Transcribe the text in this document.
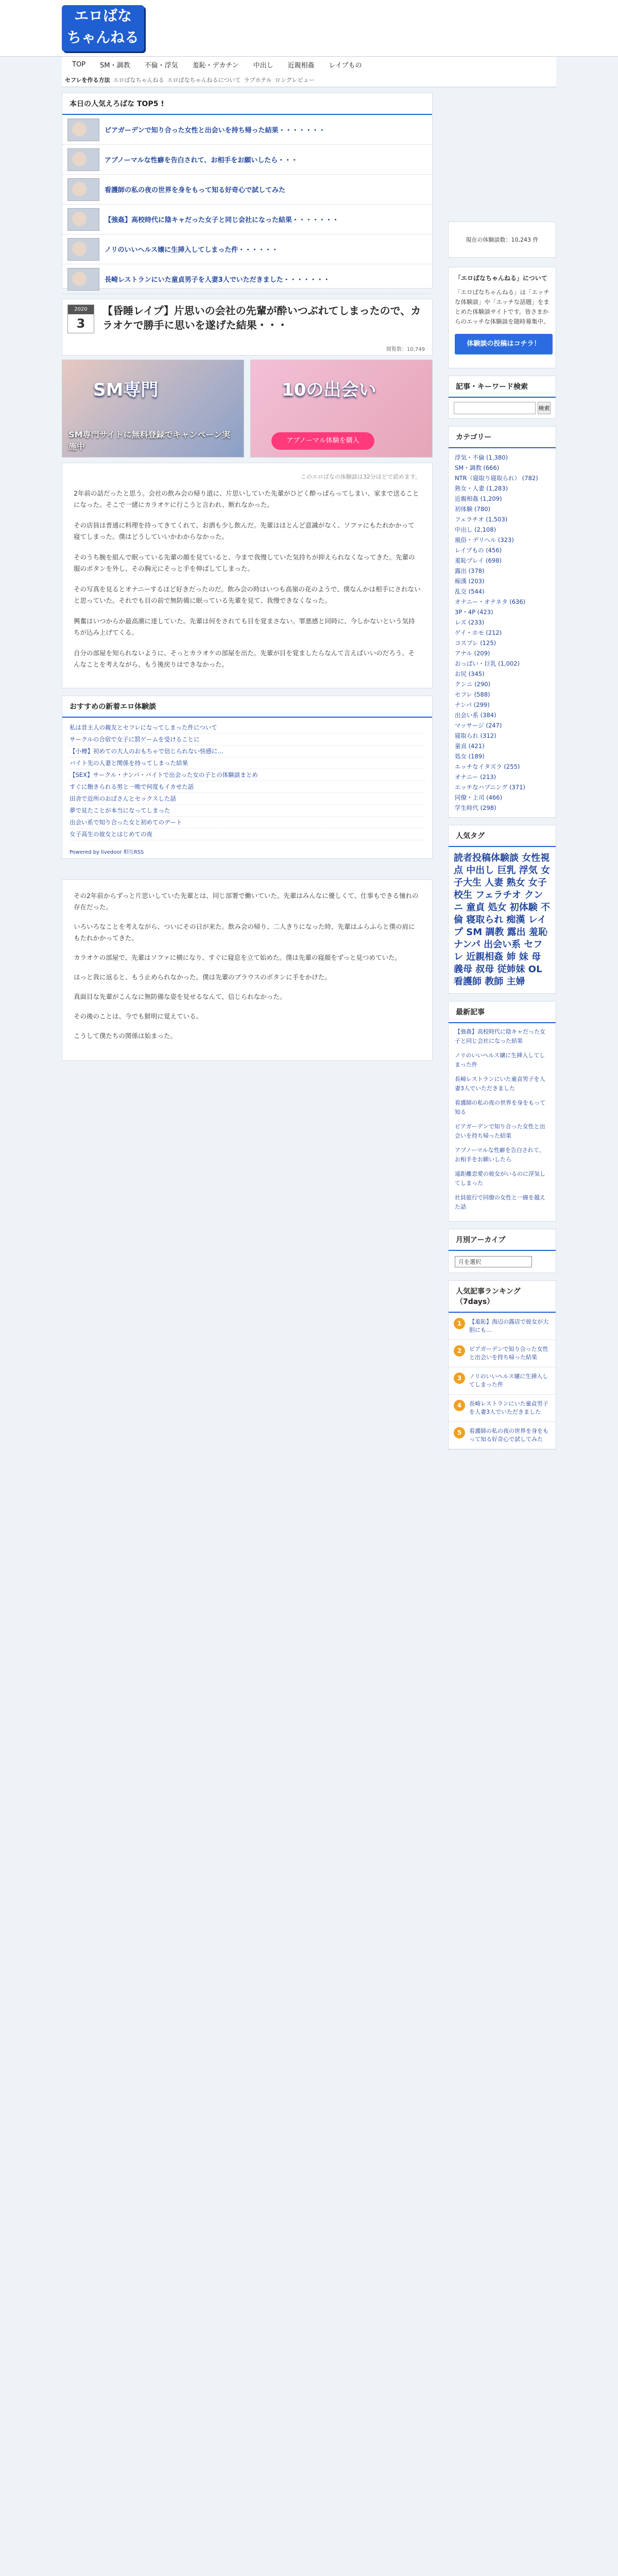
エロばな
ちゃんねる
TOP	SM・調教	不倫・浮気	羞恥・デカチン	中出し	近親相姦	レイプもの
セフレを作る方法 エロばなちゃんねる エロばなちゃんねるについて ラブホテル ロングレビュー
本日の人気えろばな TOP5 !
ピアガーデンで知り合った女性と出会いを持ち帰った結果・・・・・・・
アブノーマルな性癖を告白されて、お相手をお願いしたら・・・
看護師の私の夜の世界を身をもって知る好奇心で試してみた
【強姦】高校時代に陰キャだった女子と同じ会社になった結果・・・・・・・
ノリのいいヘルス嬢に生挿入してしまった件・・・・・・
長崎レストランにいた童貞男子を人妻3人でいただきました・・・・・・・
2020
3
【昏睡レイプ】片思いの会社の先輩が酔いつぶれてしまったので、カラオケで勝手に思いを遂げた結果・・・
閲覧数：10,749
SM専門
SM専門サイトに無料登録でキャンペーン実施中
10の出会い
アブノーマル体験を購入
このエロばなの体験談は32分ほどで読めます。

2年前の話だったと思う。会社の飲み会の帰り道に、片思いしていた先輩がひどく酔っぱらってしまい、家まで送ることになった。そこで一緒にカラオケに行こうと言われ、断れなかった。

その店員は普通に料理を持ってきてくれて、お酒も少し飲んだ。先輩はほとんど意識がなく、ソファにもたれかかって寝てしまった。僕はどうしていいかわからなかった。

そのうち腕を組んで眠っている先輩の顔を見ていると、今まで我慢していた気持ちが抑えられなくなってきた。先輩の服のボタンを外し、その胸元にそっと手を伸ばしてしまった。

その写真を見るとオナニーするほど好きだったのだ。飲み会の時はいつも高嶺の花のようで、僕なんかは相手にされないと思っていた。それでも目の前で無防備に眠っている先輩を見て、我慢できなくなった。

興奮はいつからか最高潮に達していた。先輩は何をされても目を覚まさない。罪悪感と同時に、今しかないという気持ちが込み上げてくる。

自分の部屋を知られないように、そっとカラオケの部屋を出た。先輩が目を覚ましたらなんて言えばいいのだろう。そんなことを考えながら、もう後戻りはできなかった。

おすすめの新着エロ体験談
私は昔主人の親友とセフレになってしまった件について
サークルの合宿で女子に罰ゲームを受けることに
【小樽】初めての大人のおもちゃで信じられない快感に...
バイト先の人妻と関係を持ってしまった結果
【SEX】サークル・ナンパ・バイトで出会った女の子との体験談まとめ
すぐに飽きられる男と一晩で何度もイカせた話
田舎で近所のおばさんとセックスした話
夢で見たことが本当になってしまった
出会い系で知り合った女と初めてのデート
女子高生の彼女とはじめての夜
Powered by livedoor 相互RSS

その2年前からずっと片思いしていた先輩とは、同じ部署で働いていた。先輩はみんなに優しくて、仕事もできる憧れの存在だった。

いろいろなことを考えながら、ついにその日が来た。飲み会の帰り、二人きりになった時、先輩はふらふらと僕の肩にもたれかかってきた。

カラオケの部屋で、先輩はソファに横になり、すぐに寝息を立て始めた。僕は先輩の寝顔をずっと見つめていた。

はっと我に返ると、もう止められなかった。僕は先輩のブラウスのボタンに手をかけた。

真面目な先輩がこんなに無防備な姿を見せるなんて、信じられなかった。

その後のことは、今でも鮮明に覚えている。

こうして僕たちの関係は始まった。

現在の体験談数：10,243 件
「エロばなちゃんねる」について
「エロばなちゃんねる」は「エッチな体験談」や「エッチな話題」をまとめた体験談サイトです。皆さまからのエッチな体験談を随時募集中。
体験談の投稿はコチラ！
記事・キーワード検索
検索
カテゴリー
浮気・不倫 (1,380)
SM・調教 (666)
NTR（寝取り寝取られ） (782)
熟女・人妻 (1,283)
近親相姦 (1,209)
初体験 (780)
フェラチオ (1,503)
中出し (2,108)
風俗・デリヘル (323)
レイプもの (456)
羞恥プレイ (698)
露出 (378)
痴漢 (203)
乱交 (544)
オナニー・オナネタ (636)
3P・4P (423)
レズ (233)
ゲイ・ホモ (212)
コスプレ (125)
アナル (209)
おっぱい・巨乳 (1,002)
お尻 (345)
クンニ (290)
セフレ (588)
ナンパ (299)
出会い系 (384)
マッサージ (247)
寝取られ (312)
童貞 (421)
処女 (189)
エッチなイタズラ (255)
オナニー (213)
エッチなハプニング (371)
同僚・上司 (466)
学生時代 (298)
人気タグ
読者投稿体験談 女性視点 中出し 巨乳 浮気 女子大生 人妻 熟女 女子校生 フェラチオ クンニ 童貞 処女 初体験 不倫 寝取られ 痴漢 レイプ SM 調教 露出 羞恥 ナンパ 出会い系 セフレ 近親相姦 姉 妹 母 義母 叔母 従姉妹 OL 看護師 教師 主婦
最新記事
【強姦】高校時代に陰キャだった女子と同じ会社になった結果
ノリのいいヘルス嬢に生挿入してしまった件
長崎レストランにいた童貞男子を人妻3人でいただきました
看護師の私の夜の世界を身をもって知る
ピアガーデンで知り合った女性と出会いを持ち帰った結果
アブノーマルな性癖を告白されて、お相手をお願いしたら
遠距離恋愛の彼女がいるのに浮気してしまった
社員旅行で同僚の女性と一線を越えた話
月別アーカイブ
月を選択
人気記事ランキング（7days）
1	【羞恥】海辺の露店で彼女が大胆にも...
2	ピアガーデンで知り合った女性と出会いを持ち帰った結果
3	ノリのいいヘルス嬢に生挿入してしまった件
4	長崎レストランにいた童貞男子を人妻3人でいただきました
5	看護師の私の夜の世界を身をもって知る好奇心で試してみた
